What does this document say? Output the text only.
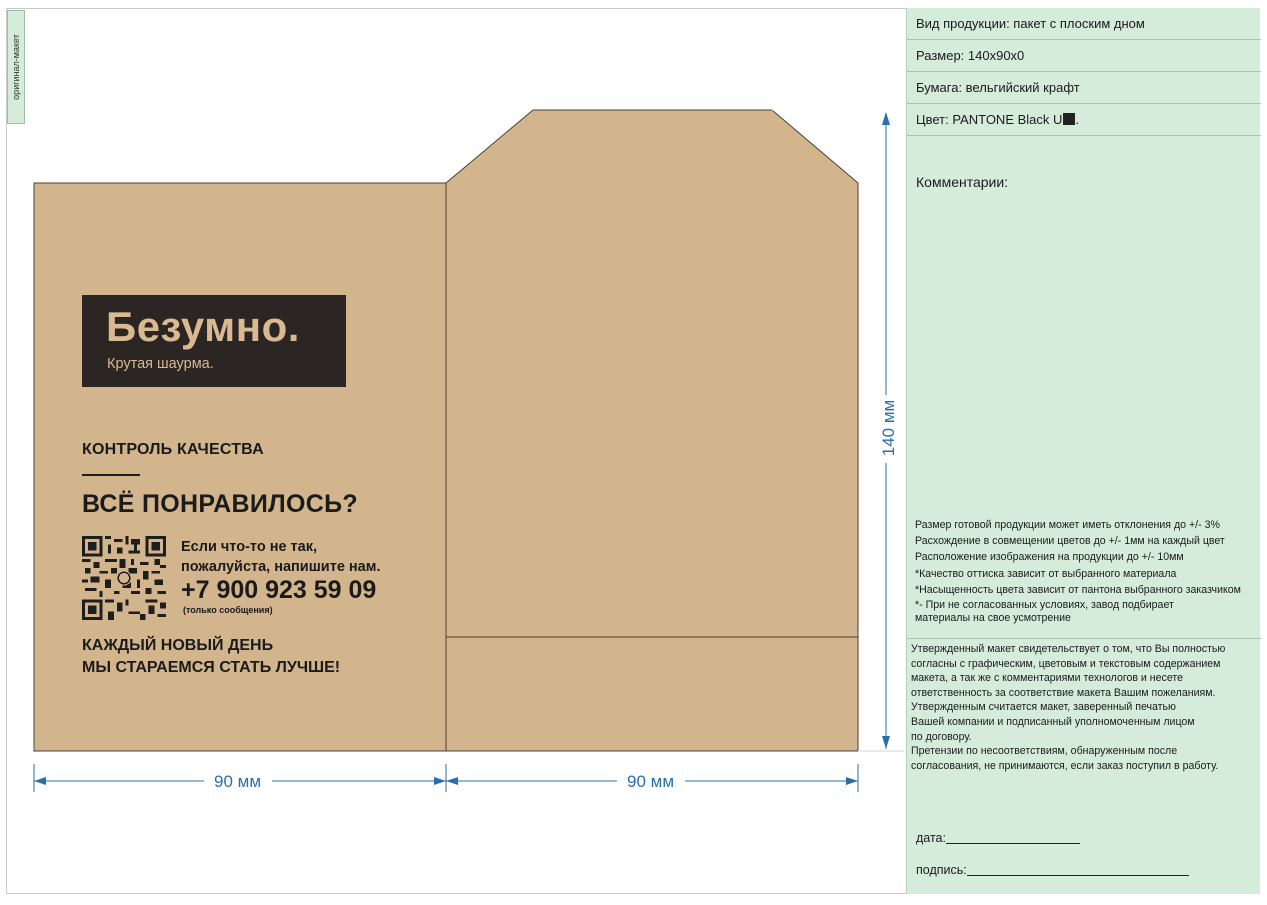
оригинал-макет
90 мм	90 мм
140 мм
Безумно.
Крутая шаурма.
КОНТРОЛЬ КАЧЕСТВА
ВСЁ ПОНРАВИЛОСЬ?
Если что-то не так,
пожалуйста, напишите нам.
+7 900 923 59 09
(только сообщения)
КАЖДЫЙ НОВЫЙ ДЕНЬ
МЫ СТАРАЕМСЯ СТАТЬ ЛУЧШЕ!
Вид продукции: пакет с плоским дном
Размер: 140x90x0
Бумага: вельгийский крафт
Цвет: PANTONE Black U .
Комментарии:
Размер готовой продукции может иметь отклонения до +/- 3%
Расхождение в совмещении цветов до +/- 1мм на каждый цвет
Расположение изображения на продукции до +/- 10мм
*Качество оттиска зависит от выбранного материала
*Насыщенность цвета зависит от пантона выбранного заказчиком
*- При не согласованных условиях, завод подбирает
материалы на свое усмотрение
Утвержденный макет свидетельствует о том, что Вы полностью
согласны с графическим, цветовым и текстовым содержанием
макета, а так же с комментариями технологов и несете
ответственность за соответствие макета Вашим пожеланиям.
Утвержденным считается макет, заверенный печатью
Вашей компании и подписанный уполномоченным лицом
по договору.
Претензии по несоответствиям, обнаруженным после
согласования, не принимаются, если заказ поступил в работу.
дата:
подпись:
